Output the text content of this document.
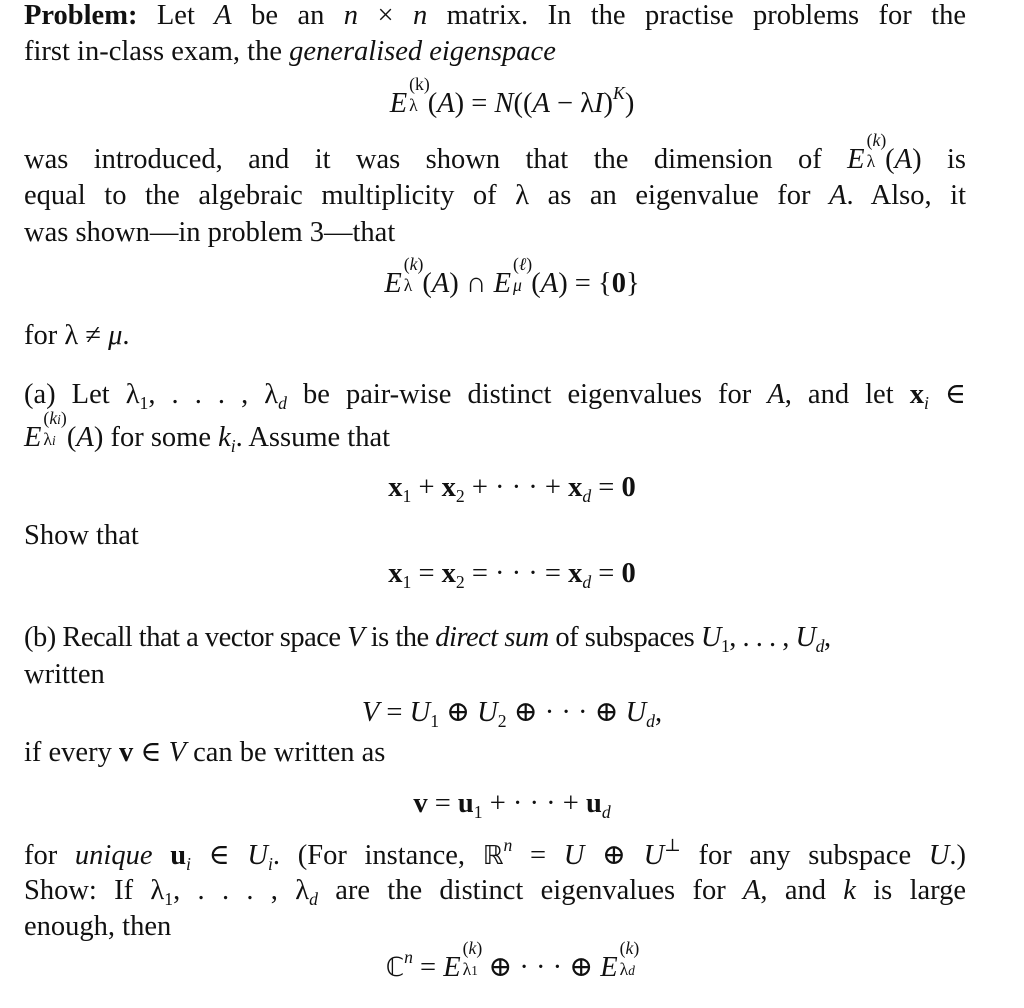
Problem: Let A be an n × n matrix. In the practise problems for the
first in-class exam, the generalised eigenspace
E
(k)
λ $(A) = N((A - \lambda I)^K)$
was introduced, and it was shown that the dimension of E
(k)
λ (A) is
equal to the algebraic multiplicity of λ as an eigenvalue for A. Also, it
was shown—in problem 3—that
E
(k)
λ (A) ∩ E
(ℓ)
μ (A) = {0}
for λ ≠ μ.
(a) Let λ1, . . . , λd be pair-wise distinct eigenvalues for A, and let xi ∈
E
(ki)
λi (A) for some ki. Assume that
x1 + x2 + · · · + xd = 0
Show that
x1 = x2 = · · · = xd = 0
(b) Recall that a vector space V is the direct sum of subspaces U1, . . . , Ud,
written
V = U1 ⊕ U2 ⊕ · · · ⊕ Ud,
if every v ∈ V can be written as
v = u1 + · · · + ud
for unique ui ∈ Ui. (For instance, ℝ$^n$ = U ⊕ U⊥ for any subspace U.)
Show: If λ1, . . . , λd are the distinct eigenvalues for A, and k is large
enough, then
ℂ$^n$ = E
(k)
λ1 ⊕ · · · ⊕ E
(k)
λd
